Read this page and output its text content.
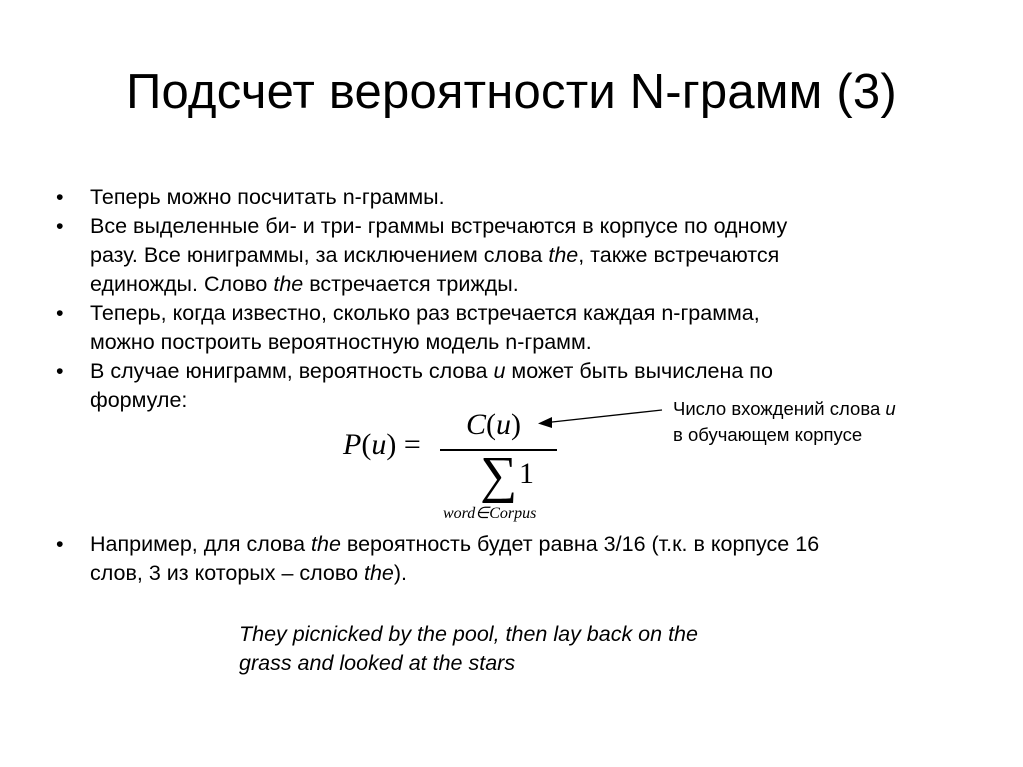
Подсчет вероятности N-грамм (3)
• Теперь можно посчитать n-граммы.
• Все выделенные би- и три- граммы встречаются в корпусе по одному
разу. Все юниграммы, за исключением слова the, также встречаются
единожды. Слово the встречается трижды.
• Теперь, когда известно, сколько раз встречается каждая n-грамма,
можно построить вероятностную модель n-грамм.
• В случае юниграмм, вероятность слова u может быть вычислена по
формуле:
P(u) =
C(u)
∑ 1
word∈Corpus
Число вхождений слова u
в обучающем корпусе
• Например, для слова the вероятность будет равна 3/16 (т.к. в корпусе 16
слов, 3 из которых – слово the).
They picnicked by the pool, then lay back on the
grass and looked at the stars
